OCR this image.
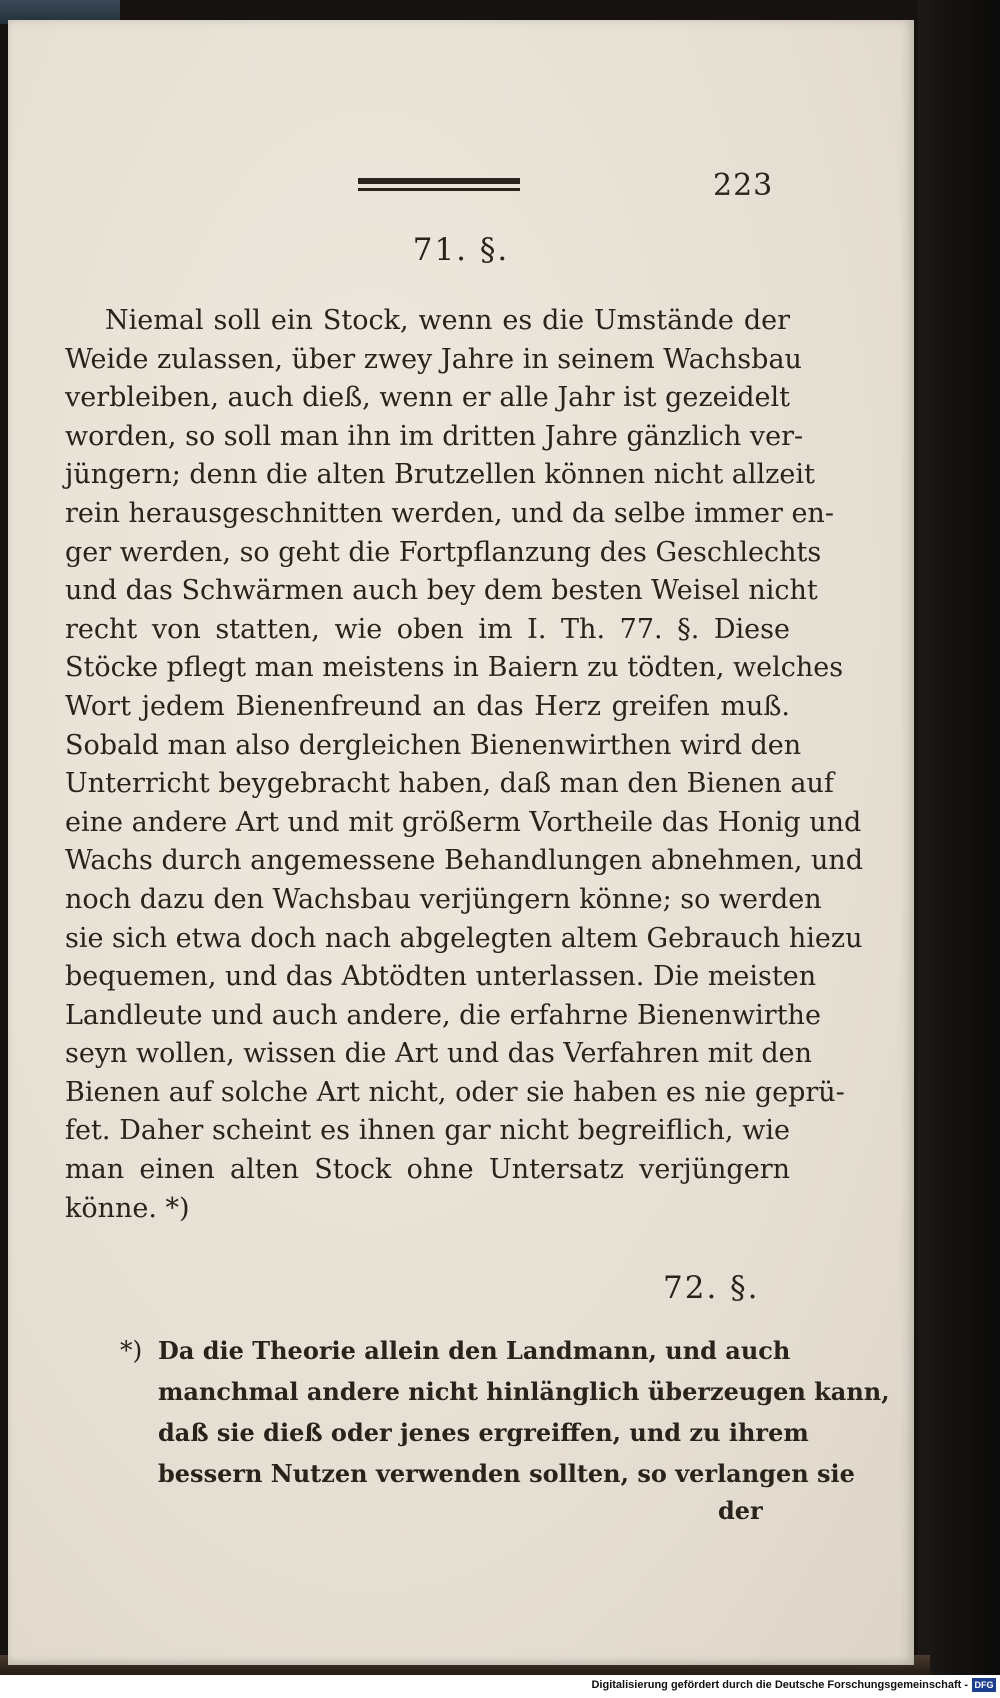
223
71. §.
Niemal soll ein Stock, wenn es die Umstände der
Weide zulassen, über zwey Jahre in seinem Wachsbau
verbleiben, auch dieß, wenn er alle Jahr ist gezeidelt
worden, so soll man ihn im dritten Jahre gänzlich ver-
jüngern; denn die alten Brutzellen können nicht allzeit
rein herausgeschnitten werden, und da selbe immer en-
ger werden, so geht die Fortpflanzung des Geschlechts
und das Schwärmen auch bey dem besten Weisel nicht
recht von statten, wie oben im I. Th. 77. §. Diese
Stöcke pflegt man meistens in Baiern zu tödten, welches
Wort jedem Bienenfreund an das Herz greifen muß.
Sobald man also dergleichen Bienenwirthen wird den
Unterricht beygebracht haben, daß man den Bienen auf
eine andere Art und mit größerm Vortheile das Honig und
Wachs durch angemessene Behandlungen abnehmen, und
noch dazu den Wachsbau verjüngern könne; so werden
sie sich etwa doch nach abgelegten altem Gebrauch hiezu
bequemen, und das Abtödten unterlassen. Die meisten
Landleute und auch andere, die erfahrne Bienenwirthe
seyn wollen, wissen die Art und das Verfahren mit den
Bienen auf solche Art nicht, oder sie haben es nie geprü-
fet. Daher scheint es ihnen gar nicht begreiflich, wie
man einen alten Stock ohne Untersatz verjüngern
könne. *)
72. §.
*) Da die Theorie allein den Landmann, und auch
manchmal andere nicht hinlänglich überzeugen kann,
daß sie dieß oder jenes ergreiffen, und zu ihrem
bessern Nutzen verwenden sollten, so verlangen sie
der
Digitalisierung gefördert durch die Deutsche Forschungsgemeinschaft - DFG
